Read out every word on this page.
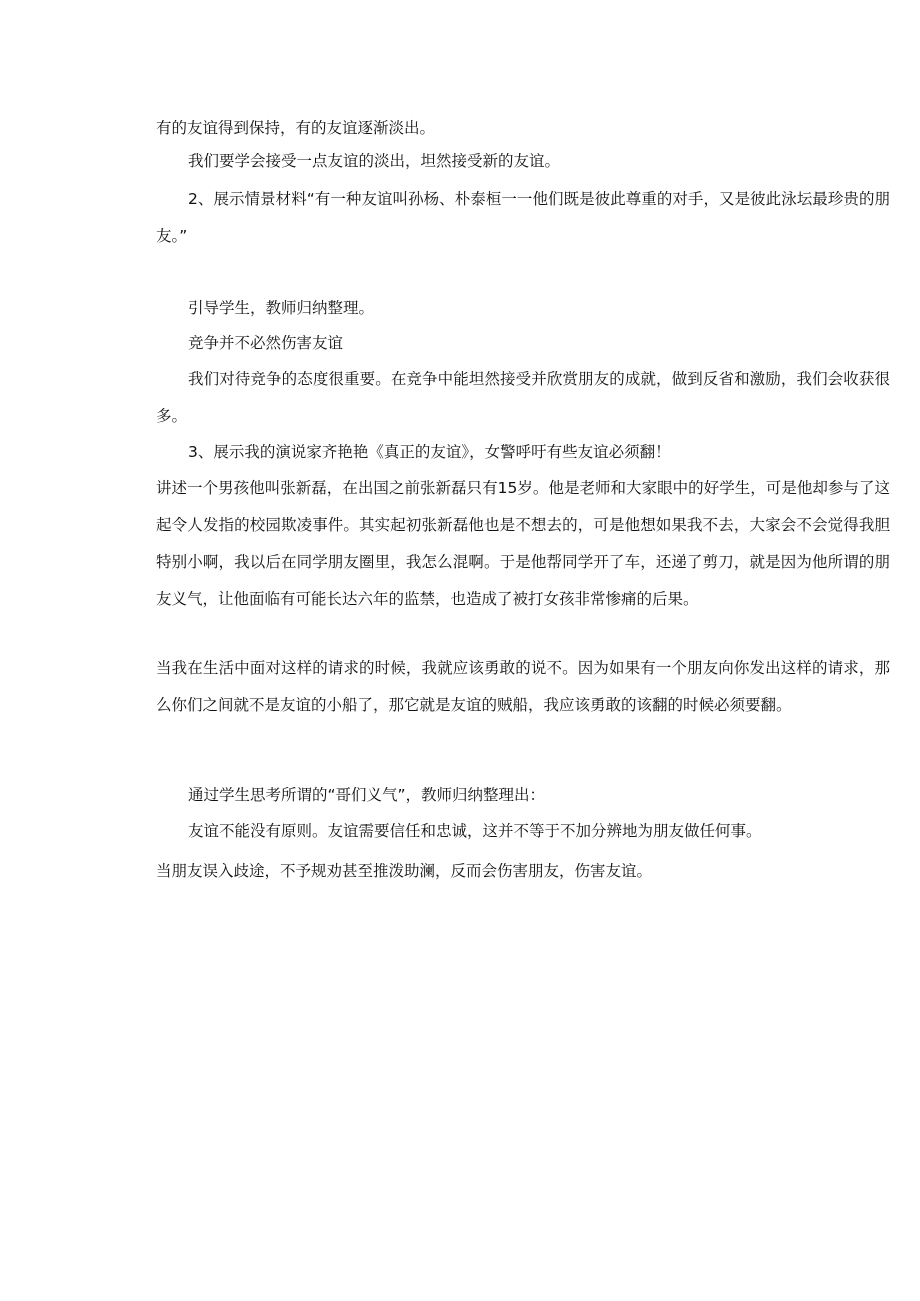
有的友谊得到保持，有的友谊逐渐淡出。

我们要学会接受一点友谊的淡出，坦然接受新的友谊。

2、展示情景材料“有一种友谊叫孙杨、朴泰桓一一他们既是彼此尊重的对手，又是彼此泳坛最珍贵的朋友。”

引导学生，教师归纳整理。

竞争并不必然伤害友谊

我们对待竞争的态度很重要。在竞争中能坦然接受并欣赏朋友的成就，做到反省和激励，我们会收获很多。

3、展示我的演说家齐艳艳《真正的友谊》，女警呼吁有些友谊必须翻！

讲述一个男孩他叫张新磊，在出国之前张新磊只有15岁。他是老师和大家眼中的好学生，可是他却参与了这起令人发指的校园欺凌事件。其实起初张新磊他也是不想去的，可是他想如果我不去，大家会不会觉得我胆特别小啊，我以后在同学朋友圈里，我怎么混啊。于是他帮同学开了车，还递了剪刀，就是因为他所谓的朋友义气，让他面临有可能长达六年的监禁，也造成了被打女孩非常惨痛的后果。

当我在生活中面对这样的请求的时候，我就应该勇敢的说不。因为如果有一个朋友向你发出这样的请求，那么你们之间就不是友谊的小船了，那它就是友谊的贼船，我应该勇敢的该翻的时候必须要翻。

通过学生思考所谓的“哥们义气”，教师归纳整理出：

友谊不能没有原则。友谊需要信任和忠诚，这并不等于不加分辨地为朋友做任何事。

当朋友误入歧途，不予规劝甚至推泼助澜，反而会伤害朋友，伤害友谊。
